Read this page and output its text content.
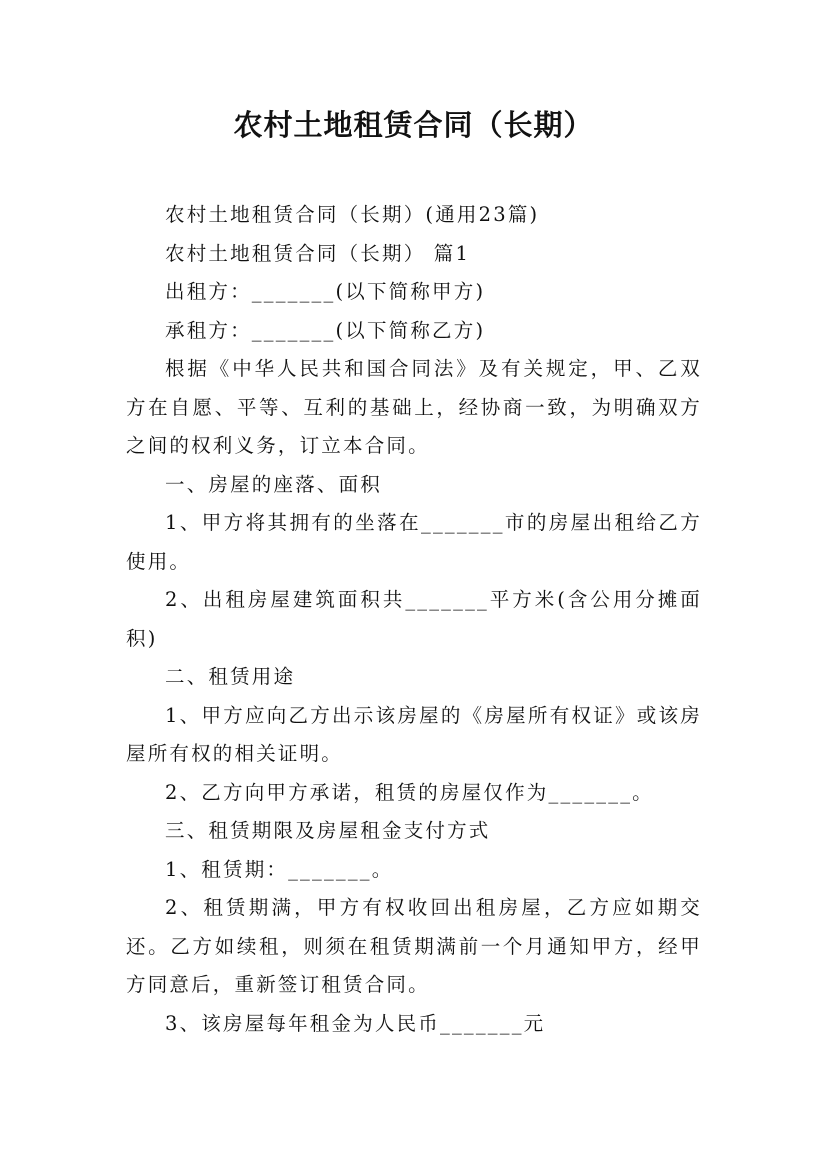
农村土地租赁合同（长期）

农村土地租赁合同（长期）(通用23篇)

农村土地租赁合同（长期） 篇1

出租方：_______(以下简称甲方)

承租方：_______(以下简称乙方)

根据《中华人民共和国合同法》及有关规定，甲、乙双方在自愿、平等、互利的基础上，经协商一致，为明确双方之间的权利义务，订立本合同。

一、房屋的座落、面积

1、甲方将其拥有的坐落在_______市的房屋出租给乙方使用。

2、出租房屋建筑面积共_______平方米(含公用分摊面积)

二、租赁用途

1、甲方应向乙方出示该房屋的《房屋所有权证》或该房屋所有权的相关证明。

2、乙方向甲方承诺，租赁的房屋仅作为_______。

三、租赁期限及房屋租金支付方式

1、租赁期：_______。

2、租赁期满，甲方有权收回出租房屋，乙方应如期交还。乙方如续租，则须在租赁期满前一个月通知甲方，经甲方同意后，重新签订租赁合同。

3、该房屋每年租金为人民币_______元
